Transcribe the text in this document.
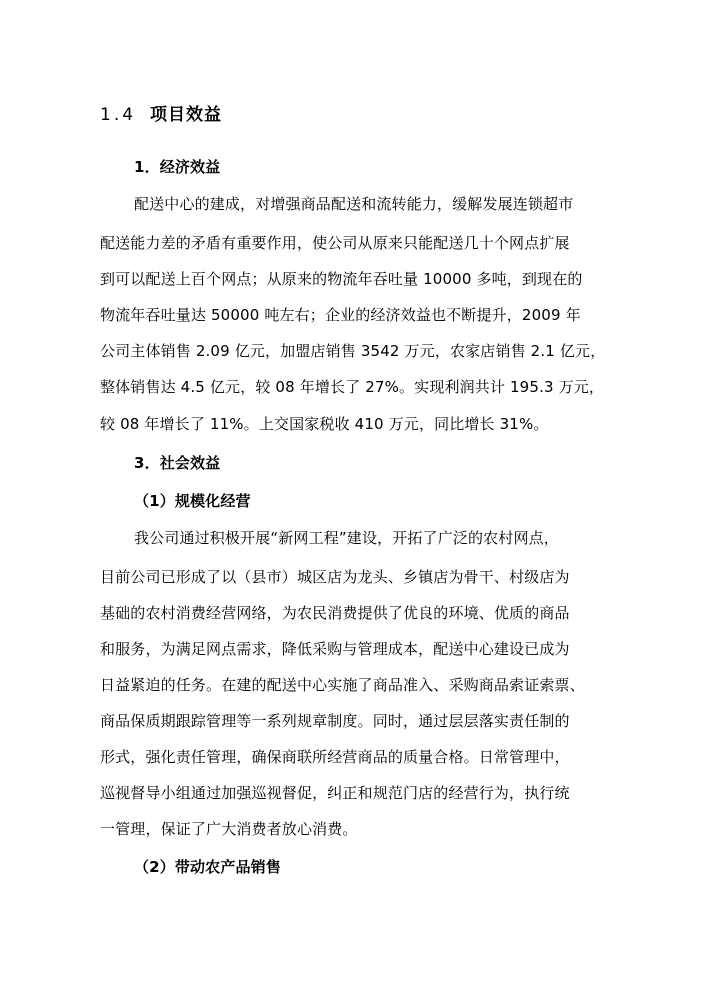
1.4 项目效益
1．经济效益
配送中心的建成，对增强商品配送和流转能力，缓解发展连锁超市
配送能力差的矛盾有重要作用，使公司从原来只能配送几十个网点扩展
到可以配送上百个网点；从原来的物流年吞吐量 10000 多吨，到现在的
物流年吞吐量达 50000 吨左右；企业的经济效益也不断提升，2009 年
公司主体销售 2.09 亿元，加盟店销售 3542 万元，农家店销售 2.1 亿元，
整体销售达 4.5 亿元，较 08 年增长了 27%。实现利润共计 195.3 万元，
较 08 年增长了 11%。上交国家税收 410 万元，同比增长 31%。
3．社会效益
（1）规模化经营
我公司通过积极开展“新网工程”建设，开拓了广泛的农村网点，
目前公司已形成了以（县市）城区店为龙头、乡镇店为骨干、村级店为
基础的农村消费经营网络，为农民消费提供了优良的环境、优质的商品
和服务，为满足网点需求，降低采购与管理成本，配送中心建设已成为
日益紧迫的任务。在建的配送中心实施了商品准入、采购商品索证索票、
商品保质期跟踪管理等一系列规章制度。同时，通过层层落实责任制的
形式，强化责任管理，确保商联所经营商品的质量合格。日常管理中，
巡视督导小组通过加强巡视督促，纠正和规范门店的经营行为，执行统
一管理，保证了广大消费者放心消费。
（2）带动农产品销售
